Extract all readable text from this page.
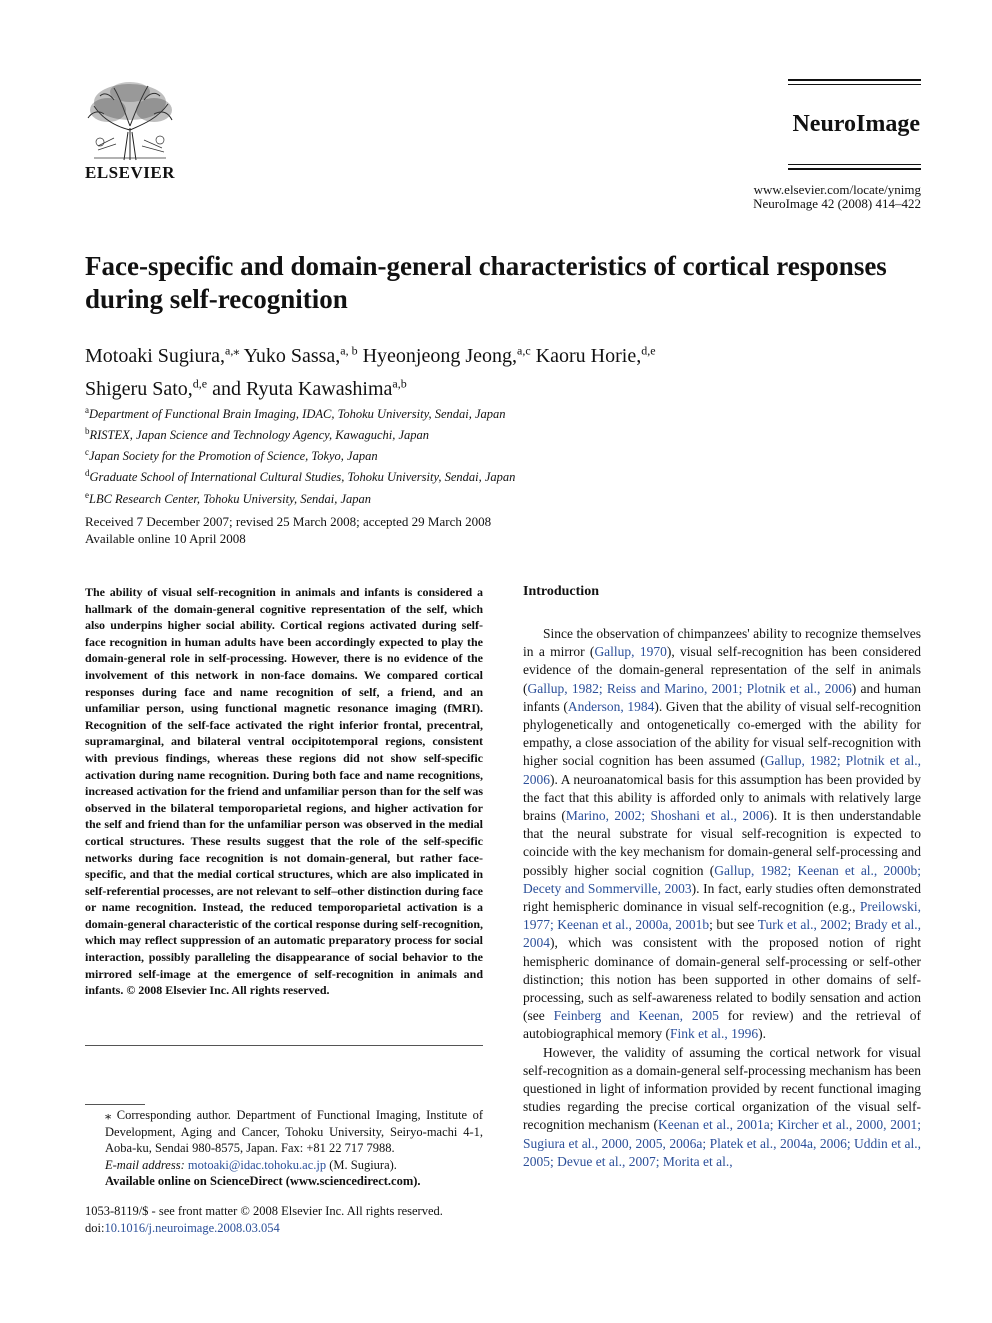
ELSEVIER
NeuroImage
www.elsevier.com/locate/ynimg
NeuroImage 42 (2008) 414–422
Face-specific and domain-general characteristics of cortical responses during self-recognition
Motoaki Sugiura,$^{a,⁎}$ Yuko Sassa,$^{a, b}$ Hyeonjeong Jeong,$^{a,c}$ Kaoru Horie,$^{d,e}$
Shigeru Sato,$^{d,e}$ and Ryuta Kawashima$^{a,b}$
$^a$Department of Functional Brain Imaging, IDAC, Tohoku University, Sendai, Japan
$^b$RISTEX, Japan Science and Technology Agency, Kawaguchi, Japan
$^c$Japan Society for the Promotion of Science, Tokyo, Japan
$^d$Graduate School of International Cultural Studies, Tohoku University, Sendai, Japan
$^e$LBC Research Center, Tohoku University, Sendai, Japan
Received 7 December 2007; revised 25 March 2008; accepted 29 March 2008
Available online 10 April 2008
The ability of visual self-recognition in animals and infants is considered a hallmark of the domain-general cognitive representation of the self, which also underpins higher social ability. Cortical regions activated during self-face recognition in human adults have been accordingly expected to play the domain-general role in self-processing. However, there is no evidence of the involvement of this network in non-face domains. We compared cortical responses during face and name recognition of self, a friend, and an unfamiliar person, using functional magnetic resonance imaging (fMRI). Recognition of the self-face activated the right inferior frontal, precentral, supramarginal, and bilateral ventral occipitotemporal regions, consistent with previous findings, whereas these regions did not show self-specific activation during name recognition. During both face and name recognitions, increased activation for the friend and unfamiliar person than for the self was observed in the bilateral temporoparietal regions, and higher activation for the self and friend than for the unfamiliar person was observed in the medial cortical structures. These results suggest that the role of the self-specific networks during face recognition is not domain-general, but rather face-specific, and that the medial cortical structures, which are also implicated in self-referential processes, are not relevant to self–other distinction during face or name recognition. Instead, the reduced temporoparietal activation is a domain-general characteristic of the cortical response during self-recognition, which may reflect suppression of an automatic preparatory process for social interaction, possibly paralleling the disappearance of social behavior to the mirrored self-image at the emergence of self-recognition in animals and infants. © 2008 Elsevier Inc. All rights reserved.
⁎ Corresponding author. Department of Functional Imaging, Institute of Development, Aging and Cancer, Tohoku University, Seiryo-machi 4-1, Aoba-ku, Sendai 980-8575, Japan. Fax: +81 22 717 7988.
E-mail address: motoaki@idac.tohoku.ac.jp (M. Sugiura).
Available online on ScienceDirect (www.sciencedirect.com).
1053-8119/$ - see front matter © 2008 Elsevier Inc. All rights reserved.
doi:10.1016/j.neuroimage.2008.03.054
Introduction

Since the observation of chimpanzees' ability to recognize themselves in a mirror (Gallup, 1970), visual self-recognition has been considered evidence of the domain-general representation of the self in animals (Gallup, 1982; Reiss and Marino, 2001; Plotnik et al., 2006) and human infants (Anderson, 1984). Given that the ability of visual self-recognition phylogenetically and ontogenetically co-emerged with the ability for empathy, a close association of the ability for visual self-recognition with higher social cognition has been assumed (Gallup, 1982; Plotnik et al., 2006). A neuroanatomical basis for this assumption has been provided by the fact that this ability is afforded only to animals with relatively large brains (Marino, 2002; Shoshani et al., 2006). It is then understandable that the neural substrate for visual self-recognition is expected to coincide with the key mechanism for domain-general self-processing and possibly higher social cognition (Gallup, 1982; Keenan et al., 2000b; Decety and Sommerville, 2003). In fact, early studies often demonstrated right hemispheric dominance in visual self-recognition (e.g., Preilowski, 1977; Keenan et al., 2000a, 2001b; but see Turk et al., 2002; Brady et al., 2004), which was consistent with the proposed notion of right hemispheric dominance of domain-general self-processing or self-other distinction; this notion has been supported in other domains of self-processing, such as self-awareness related to bodily sensation and action (see Feinberg and Keenan, 2005 for review) and the retrieval of autobiographical memory (Fink et al., 1996).

However, the validity of assuming the cortical network for visual self-recognition as a domain-general self-processing mechanism has been questioned in light of information provided by recent functional imaging studies regarding the precise cortical organization of the visual self-recognition mechanism (Keenan et al., 2001a; Kircher et al., 2000, 2001; Sugiura et al., 2000, 2005, 2006a; Platek et al., 2004a, 2006; Uddin et al., 2005; Devue et al., 2007; Morita et al.,
